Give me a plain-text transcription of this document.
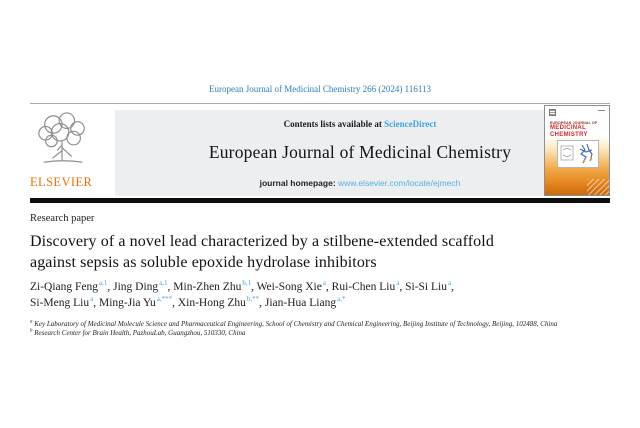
European Journal of Medicinal Chemistry 266 (2024) 116113
ELSEVIER
Contents lists available at ScienceDirect
European Journal of Medicinal Chemistry
journal homepage: www.elsevier.com/locate/ejmech
EUROPEAN JOURNAL OF
MEDICINAL
CHEMISTRY
Research paper
Discovery of a novel lead characterized by a stilbene-extended scaffold
against sepsis as soluble epoxide hydrolase inhibitors
Zi-Qiang Feng$^{a,1}$, Jing Ding$^{a,1}$, Min-Zhen Zhu$^{b,1}$, Wei-Song Xie$^a$, Rui-Chen Liu$^a$, Si-Si Liu$^a$,
Si-Meng Liu$^a$, Ming-Jia $Yu^{a,***}$, Xin-Hong Zhu$^{b,**}$, Jian-Hua Liang$^{a,*}$
$^a$ Key Laboratory of Medicinal Molecule Science and Pharmaceutical Engineering, School of Chemistry and Chemical Engineering, Beijing Institute of Technology, Beijing, 102488, China
$^b$ Research Center for Brain Health, PazhouLab, Guangzhou, 510330, China
